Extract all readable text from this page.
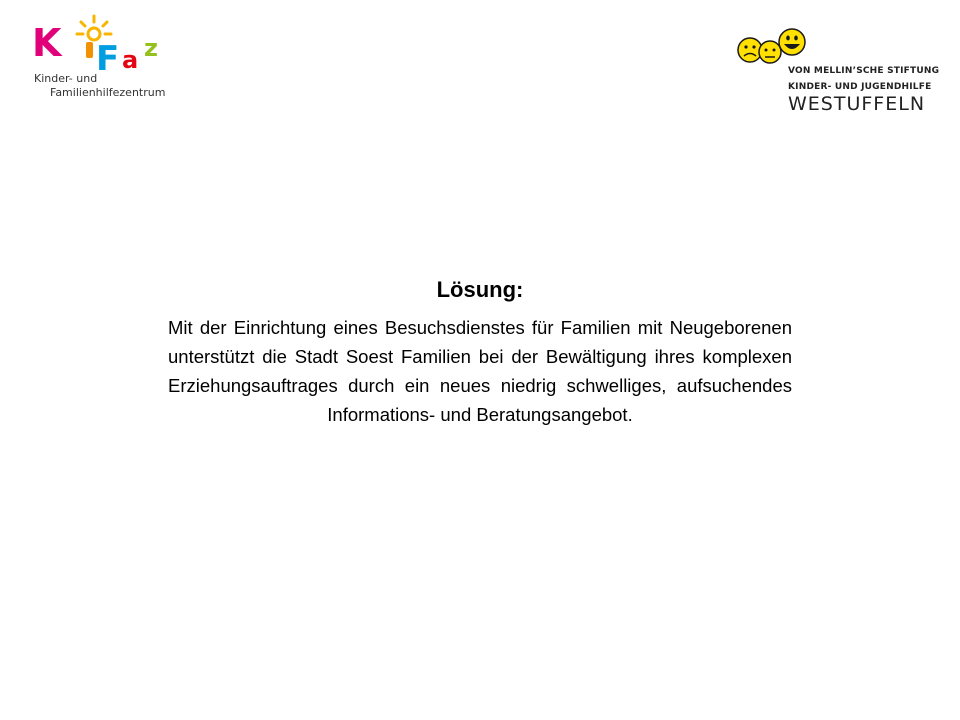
K F a z
Kinder- und
Familienhilfezentrum
VON MELLIN’SCHE STIFTUNG
KINDER- UND JUGENDHILFE
WESTUFFELN
Lösung:
Mit der Einrichtung eines Besuchsdienstes für Familien mit Neugeborenen unterstützt die Stadt Soest Familien bei der Bewältigung ihres komplexen Erziehungsauftrages durch ein neues niedrig schwelliges, aufsuchendes Informations- und Beratungsangebot.
